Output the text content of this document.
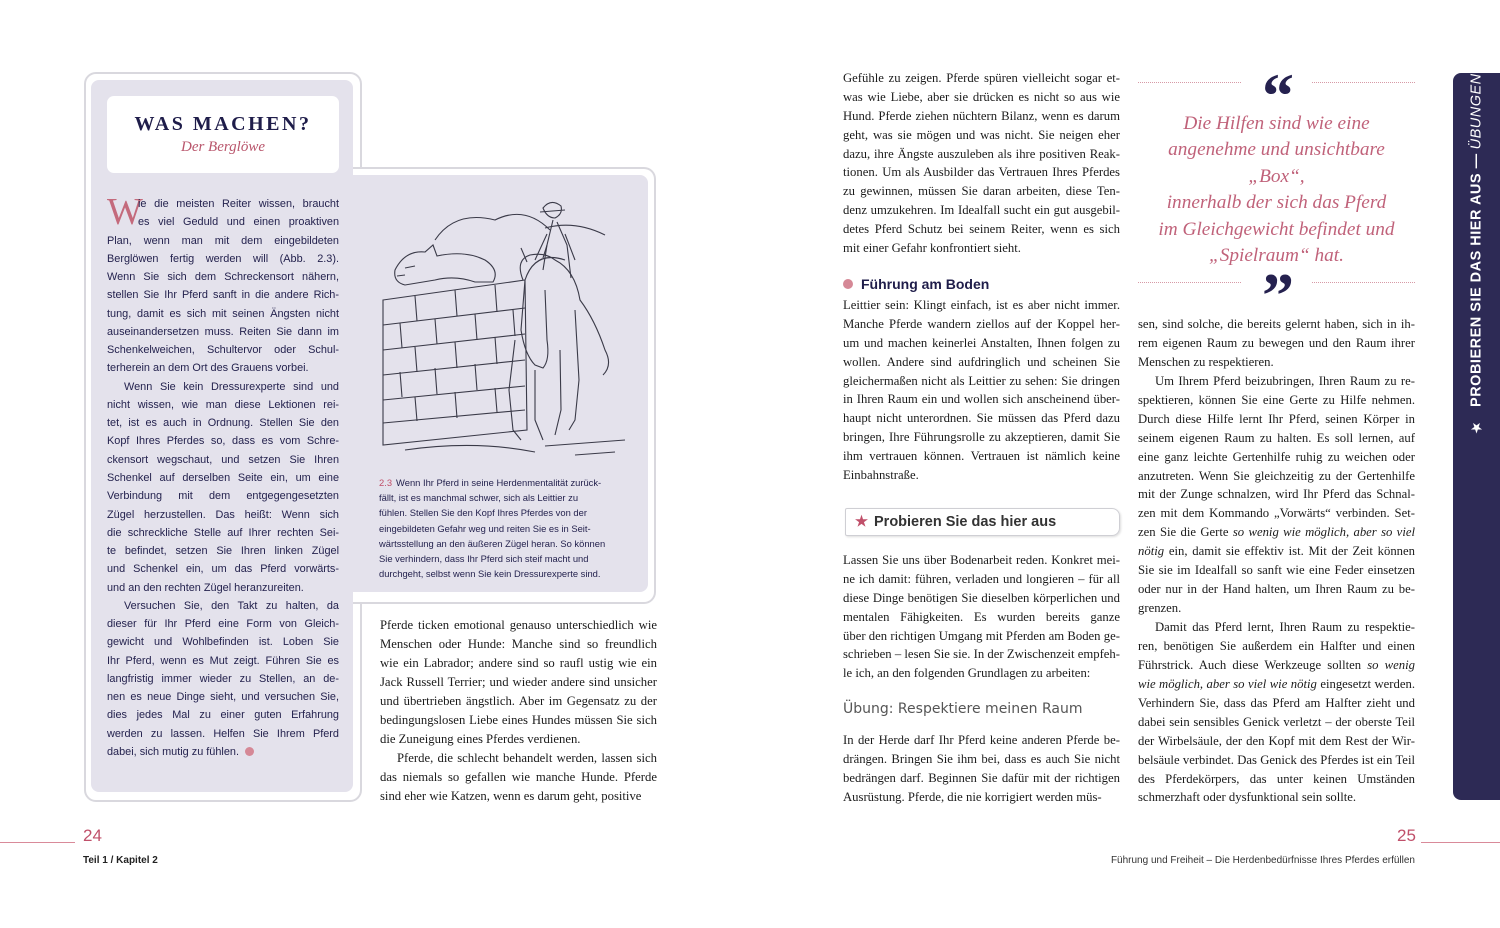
WAS MACHEN?
Der Berglöwe
W
ie die meisten Reiter wissen, braucht
es viel Geduld und einen proaktiven
Plan, wenn man mit dem eingebildeten
Berglöwen fertig werden will (Abb. 2.3).
Wenn Sie sich dem Schreckensort nähern,
stellen Sie Ihr Pferd sanft in die andere Rich-
tung, damit es sich mit seinen Ängsten nicht
auseinandersetzen muss. Reiten Sie dann im
Schenkelweichen, Schultervor oder Schul-
terherein an dem Ort des Grauens vorbei.
Wenn Sie kein Dressurexperte sind und
nicht wissen, wie man diese Lektionen rei-
tet, ist es auch in Ordnung. Stellen Sie den
Kopf Ihres Pferdes so, dass es vom Schre-
ckensort wegschaut, und setzen Sie Ihren
Schenkel auf derselben Seite ein, um eine
Verbindung mit dem entgegengesetzten
Zügel herzustellen. Das heißt: Wenn sich
die schreckliche Stelle auf Ihrer rechten Sei-
te befindet, setzen Sie Ihren linken Zügel
und Schenkel ein, um das Pferd vorwärts-
und an den rechten Zügel heranzureiten.
Versuchen Sie, den Takt zu halten, da
dieser für Ihr Pferd eine Form von Gleich-
gewicht und Wohlbefinden ist. Loben Sie
Ihr Pferd, wenn es Mut zeigt. Führen Sie es
langfristig immer wieder zu Stellen, an de-
nen es neue Dinge sieht, und versuchen Sie,
dies jedes Mal zu einer guten Erfahrung
werden zu lassen. Helfen Sie Ihrem Pferd
dabei, sich mutig zu fühlen.
2.3 Wenn Ihr Pferd in seine Herdenmentalität zurück-
fällt, ist es manchmal schwer, sich als Leittier zu
fühlen. Stellen Sie den Kopf Ihres Pferdes von der
eingebildeten Gefahr weg und reiten Sie es in Seit-
wärtsstellung an den äußeren Zügel heran. So können
Sie verhindern, dass Ihr Pferd sich steif macht und
durchgeht, selbst wenn Sie kein Dressurexperte sind.
Pferde ticken emotional genauso unterschiedlich wie
Menschen oder Hunde: Manche sind so freundlich
wie ein Labrador; andere sind so raufl ustig wie ein
Jack Russell Terrier; und wieder andere sind unsicher
und übertrieben ängstlich. Aber im Gegensatz zu der
bedingungslosen Liebe eines Hundes müssen Sie sich
die Zuneigung eines Pferdes verdienen.
Pferde, die schlecht behandelt werden, lassen sich
das niemals so gefallen wie manche Hunde. Pferde
sind eher wie Katzen, wenn es darum geht, positive
24
Teil 1 / Kapitel 2
Gefühle zu zeigen. Pferde spüren vielleicht sogar et-
was wie Liebe, aber sie drücken es nicht so aus wie
Hund. Pferde ziehen nüchtern Bilanz, wenn es darum
geht, was sie mögen und was nicht. Sie neigen eher
dazu, ihre Ängste auszuleben als ihre positiven Reak-
tionen. Um als Ausbilder das Vertrauen Ihres Pferdes
zu gewinnen, müssen Sie daran arbeiten, diese Ten-
denz umzukehren. Im Idealfall sucht ein gut ausgebil-
detes Pferd Schutz bei seinem Reiter, wenn es sich
mit einer Gefahr konfrontiert sieht.
Führung am Boden
Leittier sein: Klingt einfach, ist es aber nicht immer.
Manche Pferde wandern ziellos auf der Koppel her-
um und machen keinerlei Anstalten, Ihnen folgen zu
wollen. Andere sind aufdringlich und scheinen Sie
gleichermaßen nicht als Leittier zu sehen: Sie dringen
in Ihren Raum ein und wollen sich anscheinend über-
haupt nicht unterordnen. Sie müssen das Pferd dazu
bringen, Ihre Führungsrolle zu akzeptieren, damit Sie
ihm vertrauen können. Vertrauen ist nämlich keine
Einbahnstraße.
★ Probieren Sie das hier aus
Lassen Sie uns über Bodenarbeit reden. Konkret mei-
ne ich damit: führen, verladen und longieren – für all
diese Dinge benötigen Sie dieselben körperlichen und
mentalen Fähigkeiten. Es wurden bereits ganze
über den richtigen Umgang mit Pferden am Boden ge-
schrieben – lesen Sie sie. In der Zwischenzeit empfeh-
le ich, an den folgenden Grundlagen zu arbeiten:
Übung: Respektiere meinen Raum
In der Herde darf Ihr Pferd keine anderen Pferde be-
drängen. Bringen Sie ihm bei, dass es auch Sie nicht
bedrängen darf. Beginnen Sie dafür mit der richtigen
Ausrüstung. Pferde, die nie korrigiert werden müs-
“
Die Hilfen sind wie eine
angenehme und unsichtbare „Box“,
innerhalb der sich das Pferd
im Gleichgewicht befindet und
„Spielraum“ hat.
”
sen, sind solche, die bereits gelernt haben, sich in ih-
rem eigenen Raum zu bewegen und den Raum ihrer
Menschen zu respektieren.
Um Ihrem Pferd beizubringen, Ihren Raum zu re-
spektieren, können Sie eine Gerte zu Hilfe nehmen.
Durch diese Hilfe lernt Ihr Pferd, seinen Körper in
seinem eigenen Raum zu halten. Es soll lernen, auf
eine ganz leichte Gertenhilfe ruhig zu weichen oder
anzutreten. Wenn Sie gleichzeitig zu der Gertenhilfe
mit der Zunge schnalzen, wird Ihr Pferd das Schnal-
zen mit dem Kommando „Vorwärts“ verbinden. Set-
zen Sie die Gerte so wenig wie möglich, aber so viel
nötig ein, damit sie effektiv ist. Mit der Zeit können
Sie sie im Idealfall so sanft wie eine Feder einsetzen
oder nur in der Hand halten, um Ihren Raum zu be-
grenzen.
Damit das Pferd lernt, Ihren Raum zu respektie-
ren, benötigen Sie außerdem ein Halfter und einen
Führstrick. Auch diese Werkzeuge sollten so wenig
wie möglich, aber so viel wie nötig eingesetzt werden.
Verhindern Sie, dass das Pferd am Halfter zieht und
dabei sein sensibles Genick verletzt – der oberste Teil
der Wirbelsäule, der den Kopf mit dem Rest der Wir-
belsäule verbindet. Das Genick des Pferdes ist ein Teil
des Pferdekörpers, das unter keinen Umständen
schmerzhaft oder dysfunktional sein sollte.
★ PROBIEREN SIE DAS HIER AUS — ÜBUNGEN
25
Führung und Freiheit – Die Herdenbedürfnisse Ihres Pferdes erfüllen
